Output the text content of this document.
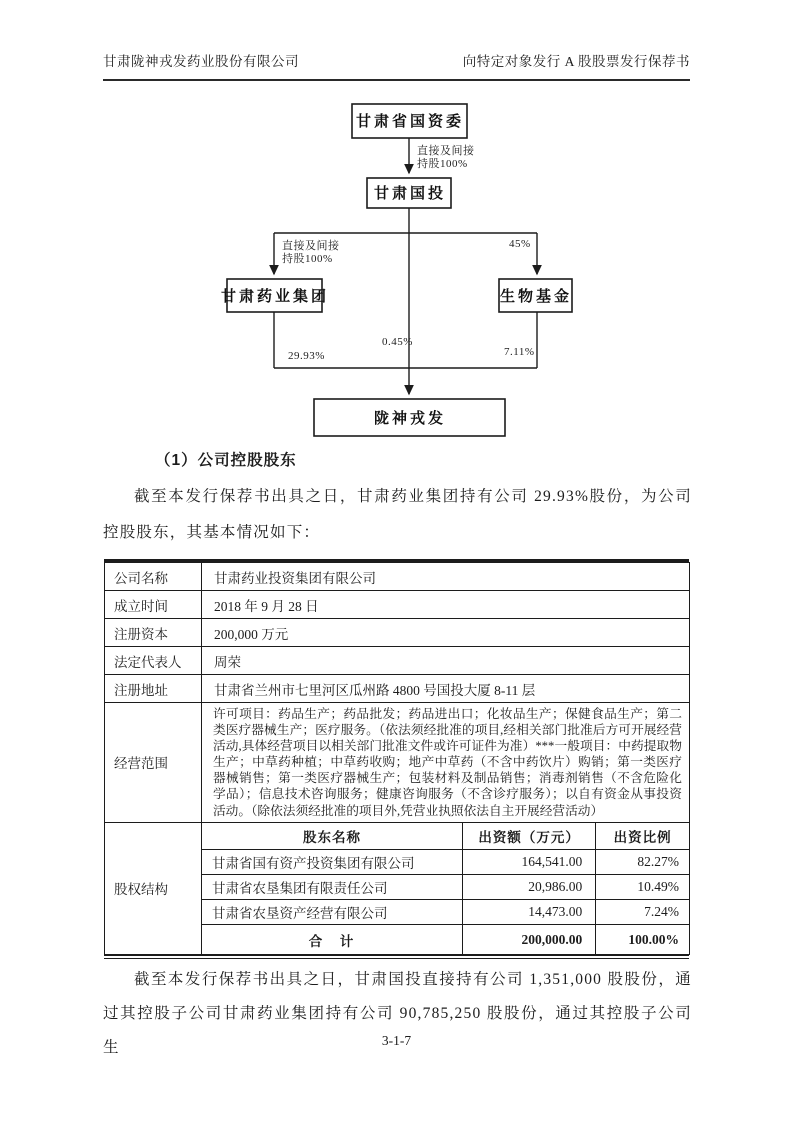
甘肃陇神戎发药业股份有限公司	向特定对象发行 A 股股票发行保荐书
甘肃省国资委
甘肃国投
甘肃药业集团	生物基金
陇神戎发
直接及间接
持股100%
直接及间接
持股100%
45%
0.45%
29.93%	7.11%
（1）公司控股股东
截至本发行保荐书出具之日，甘肃药业集团持有公司 29.93%股份，为公司控股股东，其基本情况如下：
公司名称	甘肃药业投资集团有限公司
成立时间	2018 年 9 月 28 日
注册资本	200,000 万元
法定代表人	周荣
注册地址	甘肃省兰州市七里河区瓜州路 4800 号国投大厦 8-11 层
经营范围	许可项目：药品生产；药品批发；药品进出口；化妆品生产；保健食品生产；第二类医疗器械生产；医疗服务。（依法须经批准的项目,经相关部门批准后方可开展经营活动,具体经营项目以相关部门批准文件或许可证件为准）***一般项目：中药提取物生产；中草药种植；中草药收购；地产中草药（不含中药饮片）购销；第一类医疗器械销售；第一类医疗器械生产；包装材料及制品销售；消毒剂销售（不含危险化学品）；信息技术咨询服务；健康咨询服务（不含诊疗服务）；以自有资金从事投资活动。（除依法须经批准的项目外,凭营业执照依法自主开展经营活动）
股权结构	
股东名称	出资额（万元）	出资比例
甘肃省国有资产投资集团有限公司	164,541.00	82.27%
甘肃省农垦集团有限责任公司	20,986.00	10.49%
甘肃省农垦资产经营有限公司	14,473.00	7.24%
合　计	200,000.00	100.00%
截至本发行保荐书出具之日，甘肃国投直接持有公司 1,351,000 股股份，通过其控股子公司甘肃药业集团持有公司 90,785,250 股股份，通过其控股子公司生	3-1-7
